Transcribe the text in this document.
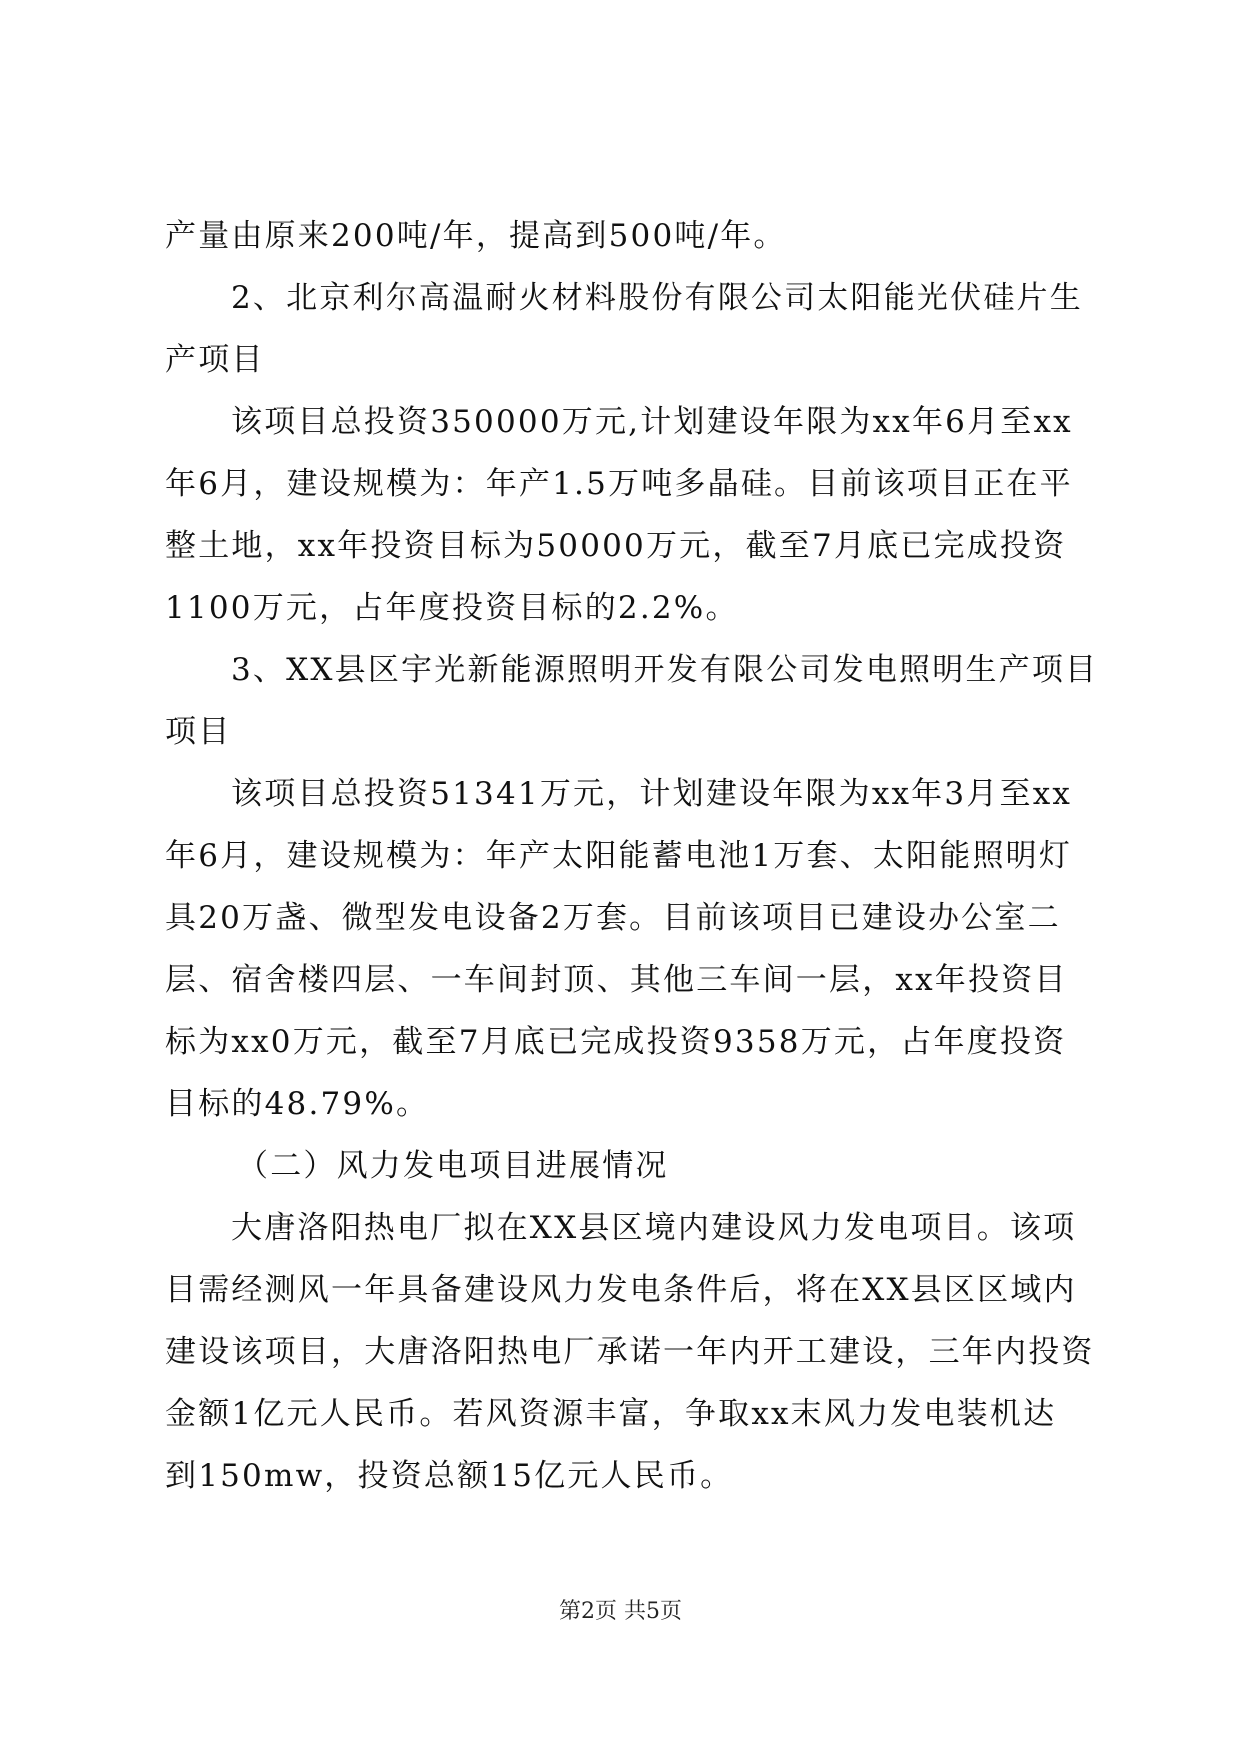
产量由原来200吨/年，提高到500吨/年。
2、北京利尔高温耐火材料股份有限公司太阳能光伏硅片生
产项目
该项目总投资350000万元,计划建设年限为xx年6月至xx
年6月，建设规模为：年产1.5万吨多晶硅。目前该项目正在平
整土地，xx年投资目标为50000万元，截至7月底已完成投资
1100万元，占年度投资目标的2.2%。
3、XX县区宇光新能源照明开发有限公司发电照明生产项目
项目
该项目总投资51341万元，计划建设年限为xx年3月至xx
年6月，建设规模为：年产太阳能蓄电池1万套、太阳能照明灯
具20万盏、微型发电设备2万套。目前该项目已建设办公室二
层、宿舍楼四层、一车间封顶、其他三车间一层，xx年投资目
标为xx0万元，截至7月底已完成投资9358万元，占年度投资
目标的48.79%。
（二）风力发电项目进展情况
大唐洛阳热电厂拟在XX县区境内建设风力发电项目。该项
目需经测风一年具备建设风力发电条件后，将在XX县区区域内
建设该项目，大唐洛阳热电厂承诺一年内开工建设，三年内投资
金额1亿元人民币。若风资源丰富，争取xx末风力发电装机达
到150mw，投资总额15亿元人民币。
第2页 共5页
